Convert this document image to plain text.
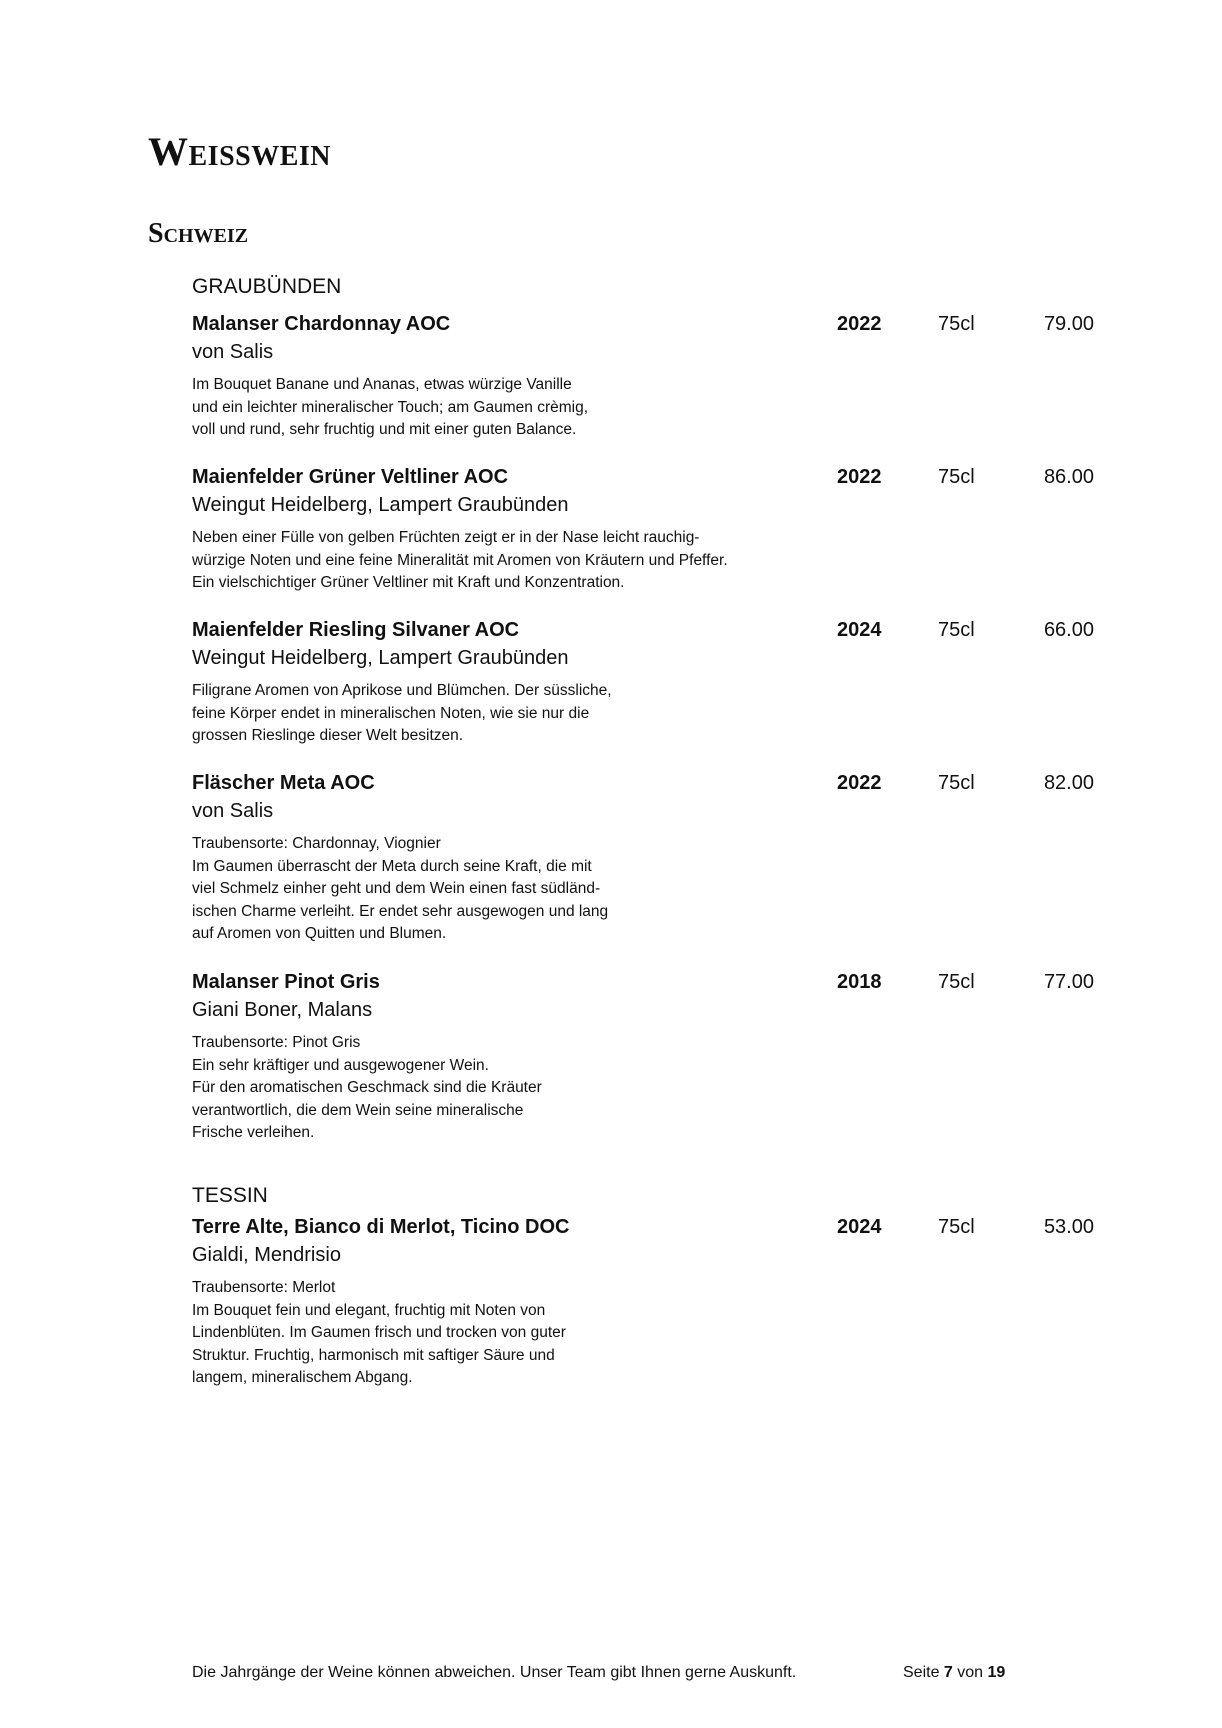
Weisswein
Schweiz
GRAUBÜNDEN
Malanser Chardonnay AOC	2022	75cl	79.00
von Salis
Im Bouquet Banane und Ananas, etwas würzige Vanille
und ein leichter mineralischer Touch; am Gaumen crèmig,
voll und rund, sehr fruchtig und mit einer guten Balance.
Maienfelder Grüner Veltliner AOC	2022	75cl	86.00
Weingut Heidelberg, Lampert Graubünden
Neben einer Fülle von gelben Früchten zeigt er in der Nase leicht rauchig-
würzige Noten und eine feine Mineralität mit Aromen von Kräutern und Pfeffer.
Ein vielschichtiger Grüner Veltliner mit Kraft und Konzentration.
Maienfelder Riesling Silvaner AOC	2024	75cl	66.00
Weingut Heidelberg, Lampert Graubünden
Filigrane Aromen von Aprikose und Blümchen. Der süssliche,
feine Körper endet in mineralischen Noten, wie sie nur die
grossen Rieslinge dieser Welt besitzen.
Fläscher Meta AOC	2022	75cl	82.00
von Salis
Traubensorte: Chardonnay, Viognier
Im Gaumen überrascht der Meta durch seine Kraft, die mit
viel Schmelz einher geht und dem Wein einen fast südländ-
ischen Charme verleiht. Er endet sehr ausgewogen und lang
auf Aromen von Quitten und Blumen.
Malanser Pinot Gris	2018	75cl	77.00
Giani Boner, Malans
Traubensorte: Pinot Gris
Ein sehr kräftiger und ausgewogener Wein.
Für den aromatischen Geschmack sind die Kräuter
verantwortlich, die dem Wein seine mineralische
Frische verleihen.
TESSIN
Terre Alte, Bianco di Merlot, Ticino DOC	2024	75cl	53.00
Gialdi, Mendrisio
Traubensorte: Merlot
Im Bouquet fein und elegant, fruchtig mit Noten von
Lindenblüten. Im Gaumen frisch und trocken von guter
Struktur. Fruchtig, harmonisch mit saftiger Säure und
langem, mineralischem Abgang.
Die Jahrgänge der Weine können abweichen. Unser Team gibt Ihnen gerne Auskunft.	Seite 7 von 19
